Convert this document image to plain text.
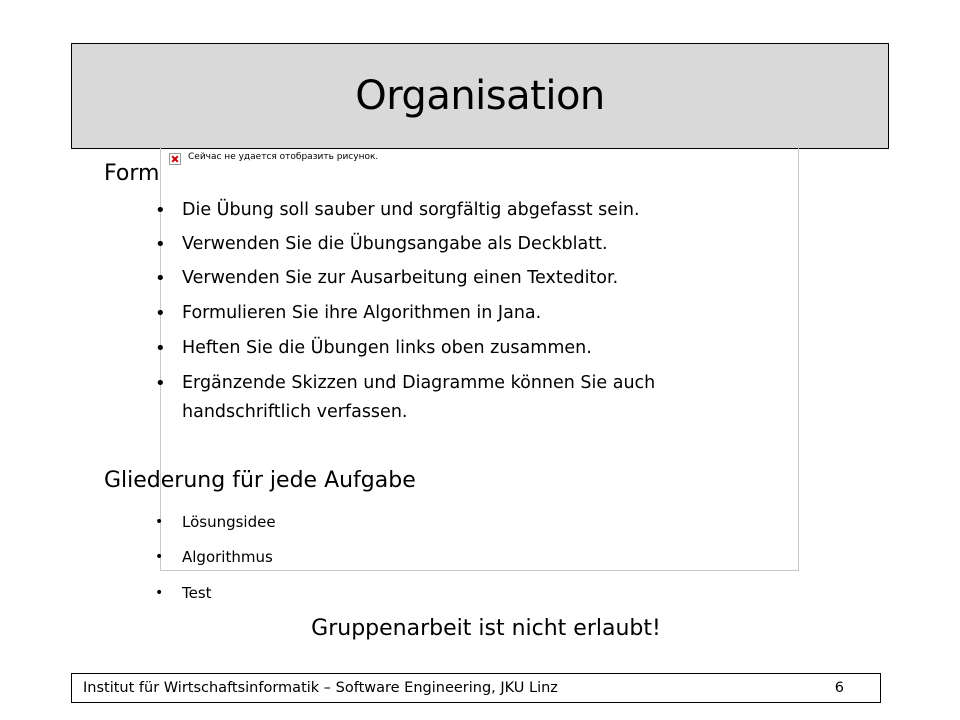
Organisation
Сейчас не удается отобразить рисунок.

Form

• Die Übung soll sauber und sorgfältig abgefasst sein.
• Verwenden Sie die Übungsangabe als Deckblatt.
• Verwenden Sie zur Ausarbeitung einen Texteditor.
• Formulieren Sie ihre Algorithmen in Jana.
• Heften Sie die Übungen links oben zusammen.
• Ergänzende Skizzen und Diagramme können Sie auch
handschriftlich verfassen.

Gliederung für jede Aufgabe

• Lösungsidee
• Algorithmus
• Test

Gruppenarbeit ist nicht erlaubt!

Institut für Wirtschaftsinformatik – Software Engineering, JKU Linz	6
